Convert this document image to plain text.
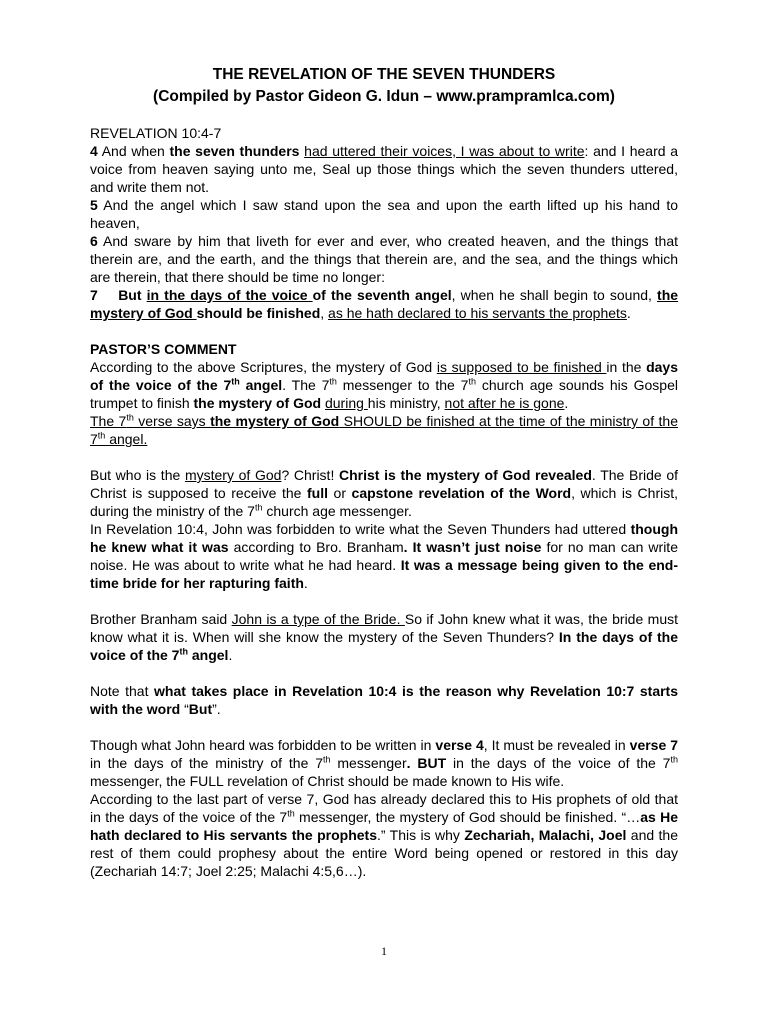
THE REVELATION OF THE SEVEN THUNDERS
(Compiled by Pastor Gideon G. Idun – www.prampramlca.com)

REVELATION 10:4-7

4 And when the seven thunders had uttered their voices, I was about to write: and I heard a voice from heaven saying unto me, Seal up those things which the seven thunders uttered, and write them not.

5 And the angel which I saw stand upon the sea and upon the earth lifted up his hand to heaven,

6 And sware by him that liveth for ever and ever, who created heaven, and the things that therein are, and the earth, and the things that therein are, and the sea, and the things which are therein, that there should be time no longer:

7    But in the days of the voice of the seventh angel, when he shall begin to sound, the mystery of God should be finished, as he hath declared to his servants the prophets.

PASTOR’S COMMENT

According to the above Scriptures, the mystery of God is supposed to be finished in the days of the voice of the 7th angel. The 7th messenger to the 7th church age sounds his Gospel trumpet to finish the mystery of God during his ministry, not after he is gone.
The 7th verse says the mystery of God SHOULD be finished at the time of the ministry of the 7th angel.

But who is the mystery of God? Christ! Christ is the mystery of God revealed. The Bride of Christ is supposed to receive the full or capstone revelation of the Word, which is Christ, during the ministry of the 7th church age messenger.

In Revelation 10:4, John was forbidden to write what the Seven Thunders had uttered though he knew what it was according to Bro. Branham. It wasn’t just noise for no man can write noise. He was about to write what he had heard. It was a message being given to the end-time bride for her rapturing faith.

Brother Branham said John is a type of the Bride. So if John knew what it was, the bride must know what it is. When will she know the mystery of the Seven Thunders? In the days of the voice of the 7th angel.

Note that what takes place in Revelation 10:4 is the reason why Revelation 10:7 starts with the word “But”.

Though what John heard was forbidden to be written in verse 4, It must be revealed in verse 7 in the days of the ministry of the 7th messenger. BUT in the days of the voice of the 7th messenger, the FULL revelation of Christ should be made known to His wife.

According to the last part of verse 7, God has already declared this to His prophets of old that in the days of the voice of the 7th messenger, the mystery of God should be finished. “…as He hath declared to His servants the prophets.” This is why Zechariah, Malachi, Joel and the rest of them could prophesy about the entire Word being opened or restored in this day (Zechariah 14:7; Joel 2:25; Malachi 4:5,6…).

1
